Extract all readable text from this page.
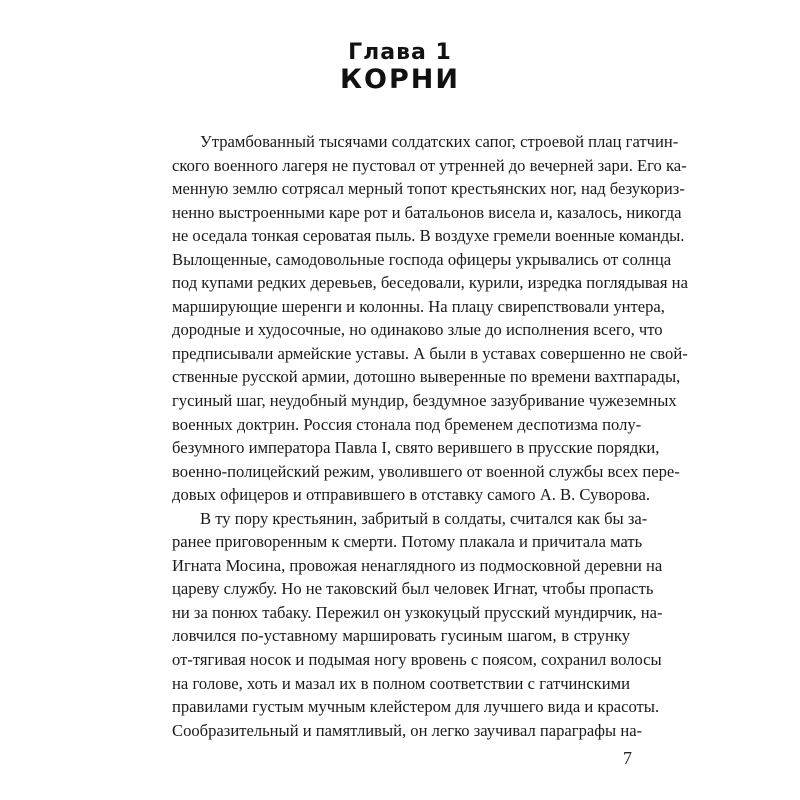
Глава 1
КОРНИ
Утрамбованный тысячами солдатских сапог, строевой плац гатчин-
ского военного лагеря не пустовал от утренней до вечерней зари. Его ка-
менную землю сотрясал мерный топот крестьянских ног, над безукориз-
ненно выстроенными каре рот и батальонов висела и, казалось, никогда
не оседала тонкая сероватая пыль. В воздухе гремели военные команды.
Вылощенные, самодовольные господа офицеры укрывались от солнца
под купами редких деревьев, беседовали, курили, изредка поглядывая на
марширующие шеренги и колонны. На плацу свирепствовали унтера,
дородные и худосочные, но одинаково злые до исполнения всего, что
предписывали армейские уставы. А были в уставах совершенно не свой-
ственные русской армии, дотошно выверенные по времени вахтпарады,
гусиный шаг, неудобный мундир, бездумное зазубривание чужеземных
военных доктрин. Россия стонала под бременем деспотизма полу-
безумного императора Павла I, свято верившего в прусские порядки,
военно-полицейский режим, уволившего от военной службы всех пере-
довых офицеров и отправившего в отставку самого А. В. Суворова.
В ту пору крестьянин, забритый в солдаты, считался как бы за-
ранее приговоренным к смерти. Потому плакала и причитала мать
Игната Мосина, провожая ненаглядного из подмосковной деревни на
цареву службу. Но не таковский был человек Игнат, чтобы пропасть
ни за понюх табаку. Пережил он узкокуцый прусский мундирчик, на-
ловчился по-уставному маршировать гусиным шагом, в струнку
от-тягивая носок и подымая ногу вровень с поясом, сохранил волосы
на голове, хоть и мазал их в полном соответствии с гатчинскими
правилами густым мучным клейстером для лучшего вида и красоты.
Сообразительный и памятливый, он легко заучивал параграфы на-
7
